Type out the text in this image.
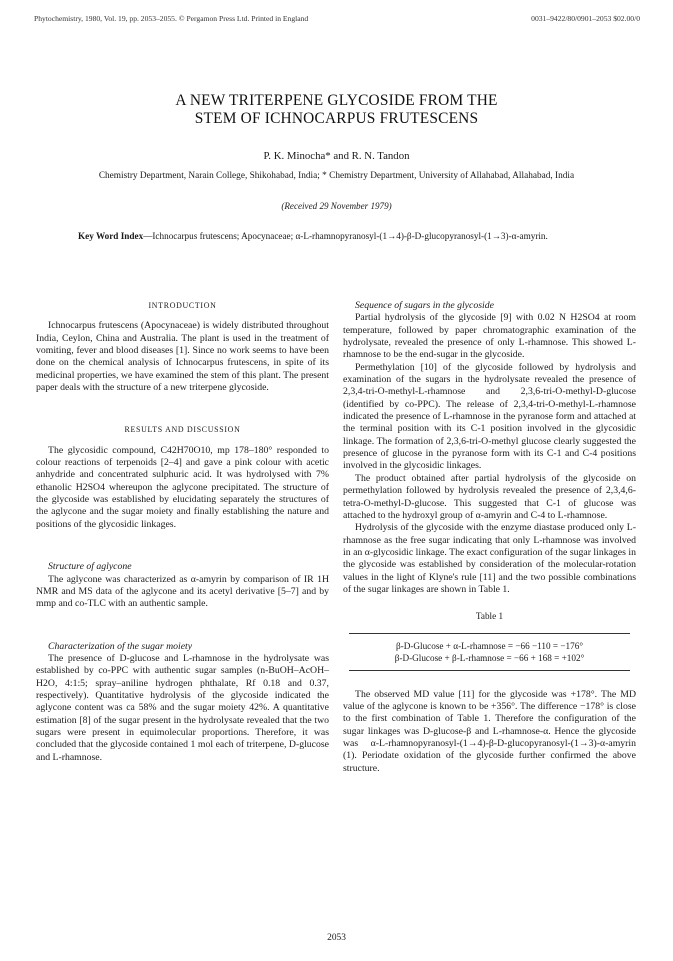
Phytochemistry, 1980, Vol. 19, pp. 2053–2055. © Pergamon Press Ltd. Printed in England	0031–9422/80/0901–2053 $02.00/0
A NEW TRITERPENE GLYCOSIDE FROM THE
STEM OF ICHNOCARPUS FRUTESCENS
P. K. Minocha* and R. N. Tandon
Chemistry Department, Narain College, Shikohabad, India; * Chemistry Department, University of Allahabad, Allahabad, India
(Received 29 November 1979)
Key Word Index—Ichnocarpus frutescens; Apocynaceae; α-L-rhamnopyranosyl-(1→4)-β-D-glucopyranosyl-(1→3)-α-amyrin.
INTRODUCTION

Ichnocarpus frutescens (Apocynaceae) is widely distributed throughout India, Ceylon, China and Australia. The plant is used in the treatment of vomiting, fever and blood diseases [1]. Since no work seems to have been done on the chemical analysis of Ichnocarpus frutescens, in spite of its medicinal properties, we have examined the stem of this plant. The present paper deals with the structure of a new triterpene glycoside.

RESULTS AND DISCUSSION

The glycosidic compound, C42H70O10, mp 178–180° responded to colour reactions of terpenoids [2–4] and gave a pink colour with acetic anhydride and concentrated sulphuric acid. It was hydrolysed with 7% ethanolic H2SO4 whereupon the aglycone precipitated. The structure of the glycoside was established by elucidating separately the structures of the aglycone and the sugar moiety and finally establishing the nature and positions of the glycosidic linkages.

Structure of aglycone

The aglycone was characterized as α-amyrin by comparison of IR 1H NMR and MS data of the aglycone and its acetyl derivative [5–7] and by mmp and co-TLC with an authentic sample.

Characterization of the sugar moiety

The presence of D-glucose and L-rhamnose in the hydrolysate was established by co-PPC with authentic sugar samples (n-BuOH–AcOH–H2O, 4:1:5; spray–aniline hydrogen phthalate, Rf 0.18 and 0.37, respectively). Quantitative hydrolysis of the glycoside indicated the aglycone content was ca 58% and the sugar moiety 42%. A quantitative estimation [8] of the sugar present in the hydrolysate revealed that the two sugars were present in equimolecular proportions. Therefore, it was concluded that the glycoside contained 1 mol each of triterpene, D-glucose and L-rhamnose.

Sequence of sugars in the glycoside

Partial hydrolysis of the glycoside [9] with 0.02 N H2SO4 at room temperature, followed by paper chromatographic examination of the hydrolysate, revealed the presence of only L-rhamnose. This showed L-rhamnose to be the end-sugar in the glycoside.

Permethylation [10] of the glycoside followed by hydrolysis and examination of the sugars in the hydrolysate revealed the presence of 2,3,4-tri-O-methyl-L-rhamnose and 2,3,6-tri-O-methyl-D-glucose (identified by co-PPC). The release of 2,3,4-tri-O-methyl-L-rhamnose indicated the presence of L-rhamnose in the pyranose form and attached at the terminal position with its C-1 position involved in the glycosidic linkage. The formation of 2,3,6-tri-O-methyl glucose clearly suggested the presence of glucose in the pyranose form with its C-1 and C-4 positions involved in the glycosidic linkages.

The product obtained after partial hydrolysis of the glycoside on permethylation followed by hydrolysis revealed the presence of 2,3,4,6-tetra-O-methyl-D-glucose. This suggested that C-1 of glucose was attached to the hydroxyl group of α-amyrin and C-4 to L-rhamnose.

Hydrolysis of the glycoside with the enzyme diastase produced only L-rhamnose as the free sugar indicating that only L-rhamnose was involved in an α-glycosidic linkage. The exact configuration of the sugar linkages in the glycoside was established by consideration of the molecular-rotation values in the light of Klyne's rule [11] and the two possible combinations of the sugar linkages are shown in Table 1.

Table 1
β-D-Glucose + α-L-rhamnose = −66 −110 = −176°
β-D-Glucose + β-L-rhamnose = −66 + 168 = +102°

The observed MD value [11] for the glycoside was +178°. The MD value of the aglycone is known to be +356°. The difference −178° is close to the first combination of Table 1. Therefore the configuration of the sugar linkages was D-glucose-β and L-rhamnose-α. Hence the glycoside was α-L-rhamnopyranosyl-(1→4)-β-D-glucopyranosyl-(1→3)-α-amyrin (1). Periodate oxidation of the glycoside further confirmed the above structure.

2053
